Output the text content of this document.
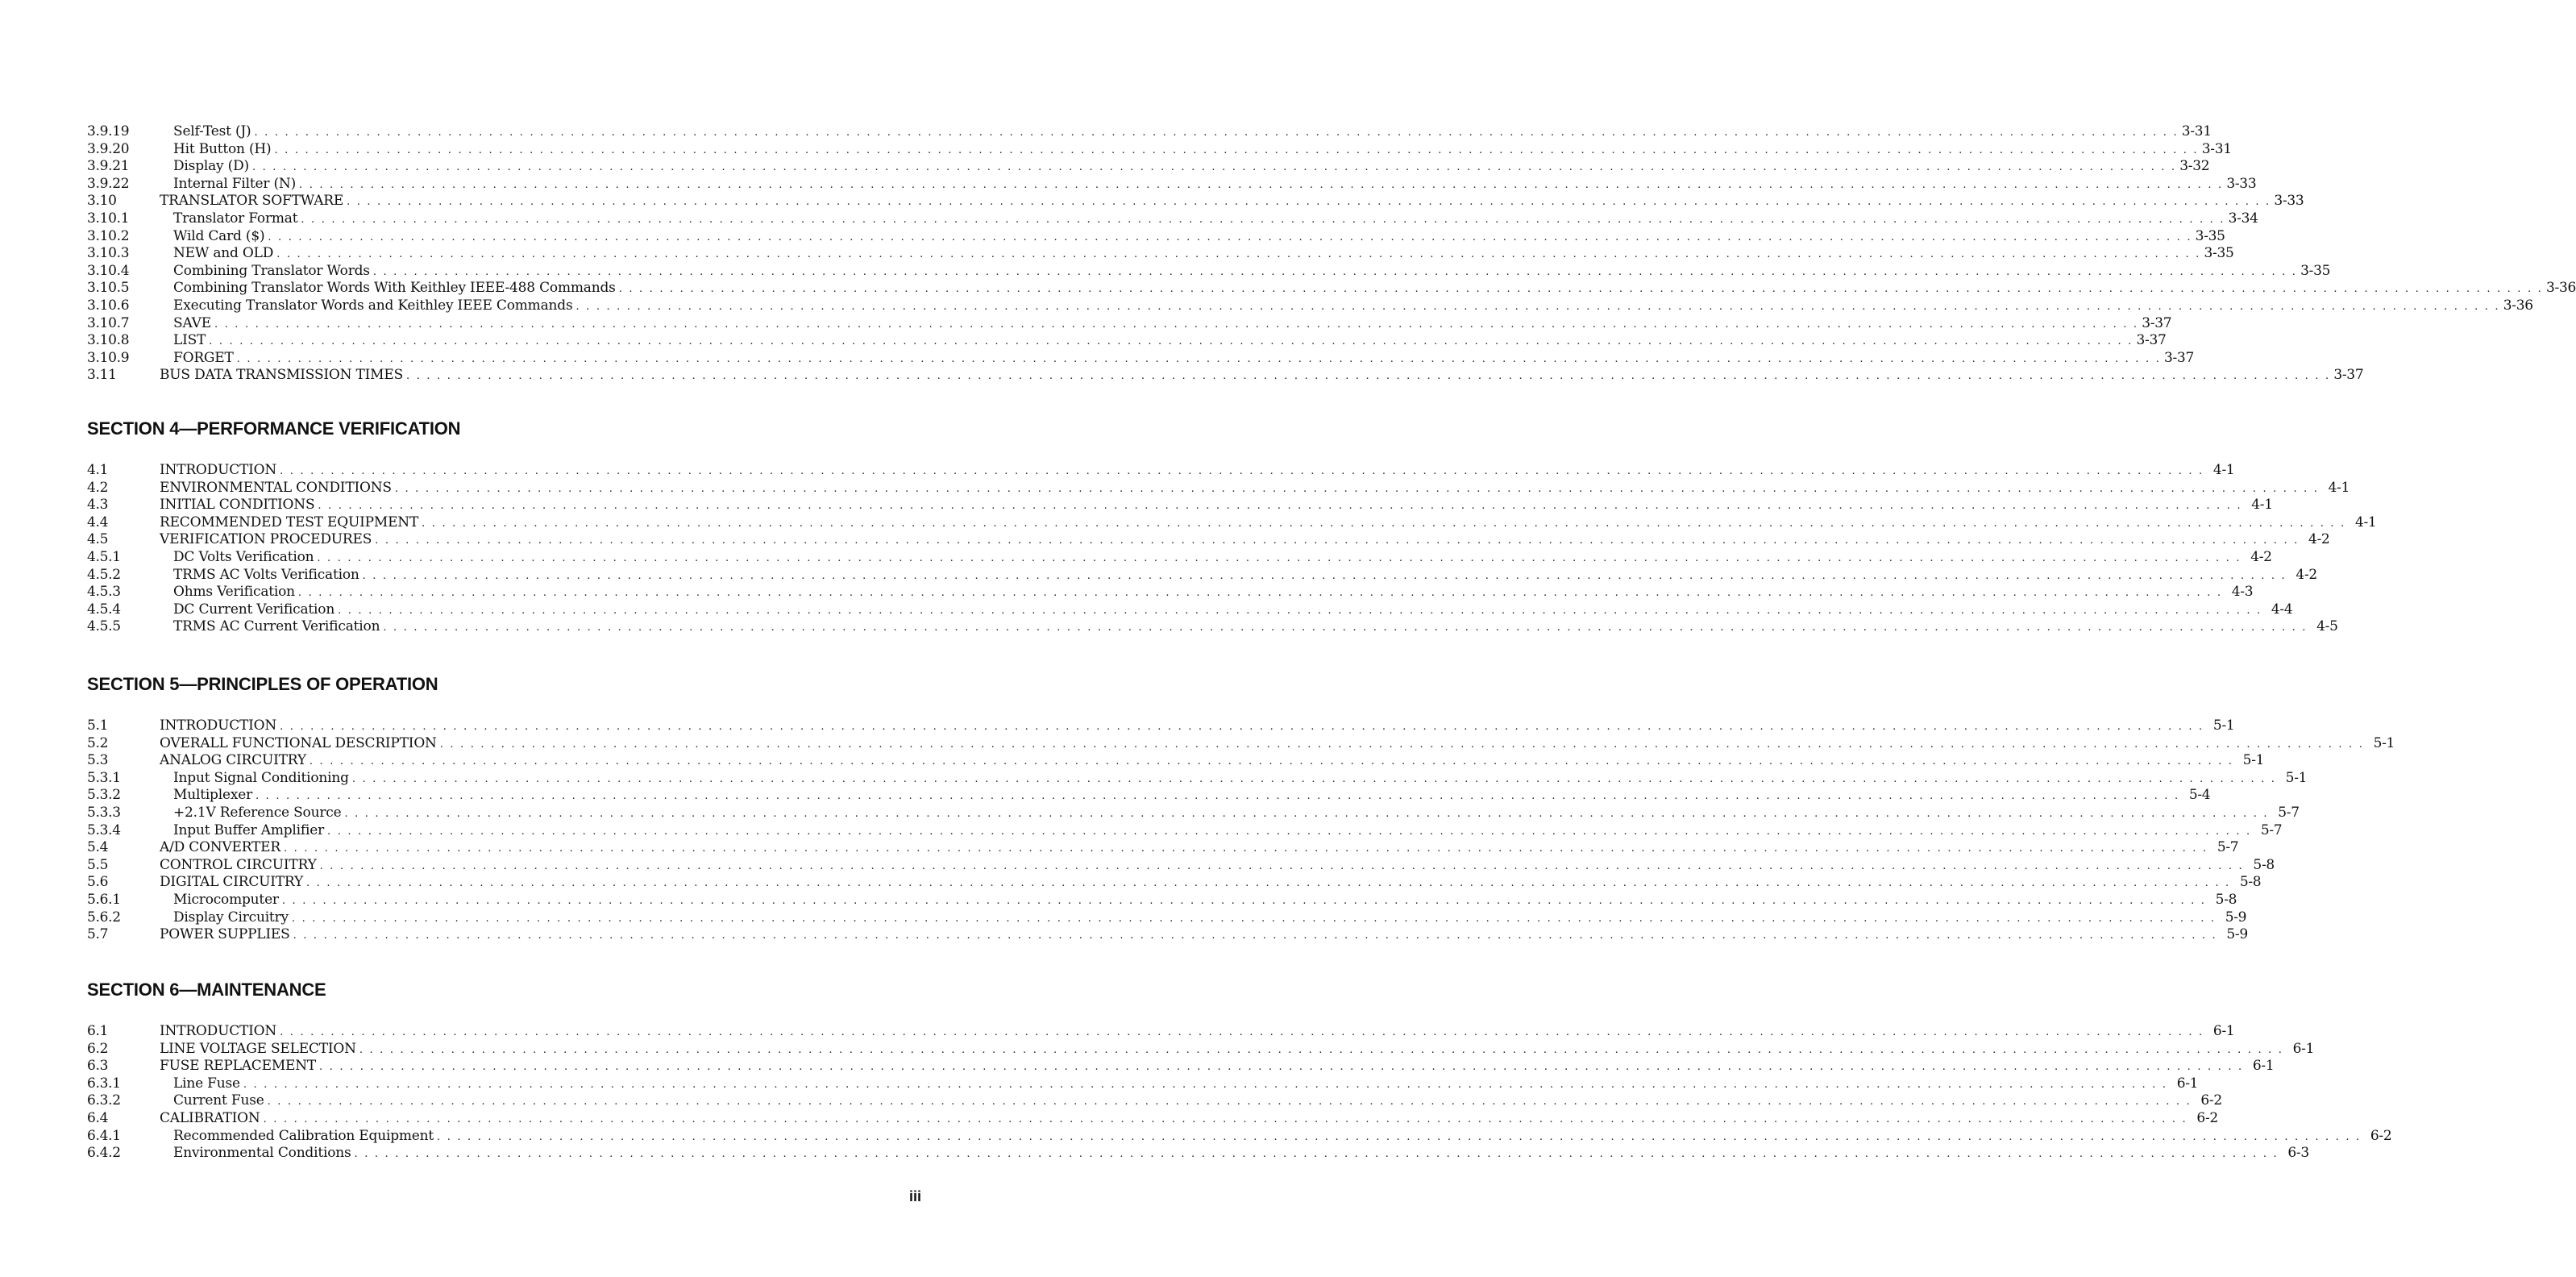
3.9.19	Self-Test (J) . . .	3-31
3.9.20	Hit Button (H) . . .	3-31
3.9.21	Display (D) . . .	3-32
3.9.22	Internal Filter (N) . . .	3-33
3.10	TRANSLATOR SOFTWARE . . .	3-33
3.10.1	Translator Format . . .	3-34
3.10.2	Wild Card ($) . . .	3-35
3.10.3	NEW and OLD . . .	3-35
3.10.4	Combining Translator Words . . .	3-35
3.10.5	Combining Translator Words With Keithley IEEE-488 Commands . . .	3-36
3.10.6	Executing Translator Words and Keithley IEEE Commands . . .	3-36
3.10.7	SAVE . . .	3-37
3.10.8	LIST . . .	3-37
3.10.9	FORGET . . .	3-37
3.11	BUS DATA TRANSMISSION TIMES . . .	3-37
SECTION 4—PERFORMANCE VERIFICATION
4.1	INTRODUCTION . . .	4-1
4.2	ENVIRONMENTAL CONDITIONS . . .	4-1
4.3	INITIAL CONDITIONS . . .	4-1
4.4	RECOMMENDED TEST EQUIPMENT . . .	4-1
4.5	VERIFICATION PROCEDURES . . .	4-2
4.5.1	DC Volts Verification . . .	4-2
4.5.2	TRMS AC Volts Verification . . .	4-2
4.5.3	Ohms Verification . . .	4-3
4.5.4	DC Current Verification . . .	4-4
4.5.5	TRMS AC Current Verification . . .	4-5
SECTION 5—PRINCIPLES OF OPERATION
5.1	INTRODUCTION . . .	5-1
5.2	OVERALL FUNCTIONAL DESCRIPTION . . .	5-1
5.3	ANALOG CIRCUITRY . . .	5-1
5.3.1	Input Signal Conditioning . . .	5-1
5.3.2	Multiplexer . . .	5-4
5.3.3	+2.1V Reference Source . . .	5-7
5.3.4	Input Buffer Amplifier . . .	5-7
5.4	A/D CONVERTER . . .	5-7
5.5	CONTROL CIRCUITRY . . .	5-8
5.6	DIGITAL CIRCUITRY . . .	5-8
5.6.1	Microcomputer . . .	5-8
5.6.2	Display Circuitry . . .	5-9
5.7	POWER SUPPLIES . . .	5-9
SECTION 6—MAINTENANCE
6.1	INTRODUCTION . . .	6-1
6.2	LINE VOLTAGE SELECTION . . .	6-1
6.3	FUSE REPLACEMENT . . .	6-1
6.3.1	Line Fuse . . .	6-1
6.3.2	Current Fuse . . .	6-2
6.4	CALIBRATION . . .	6-2
6.4.1	Recommended Calibration Equipment . . .	6-2
6.4.2	Environmental Conditions . . .	6-3
iii
